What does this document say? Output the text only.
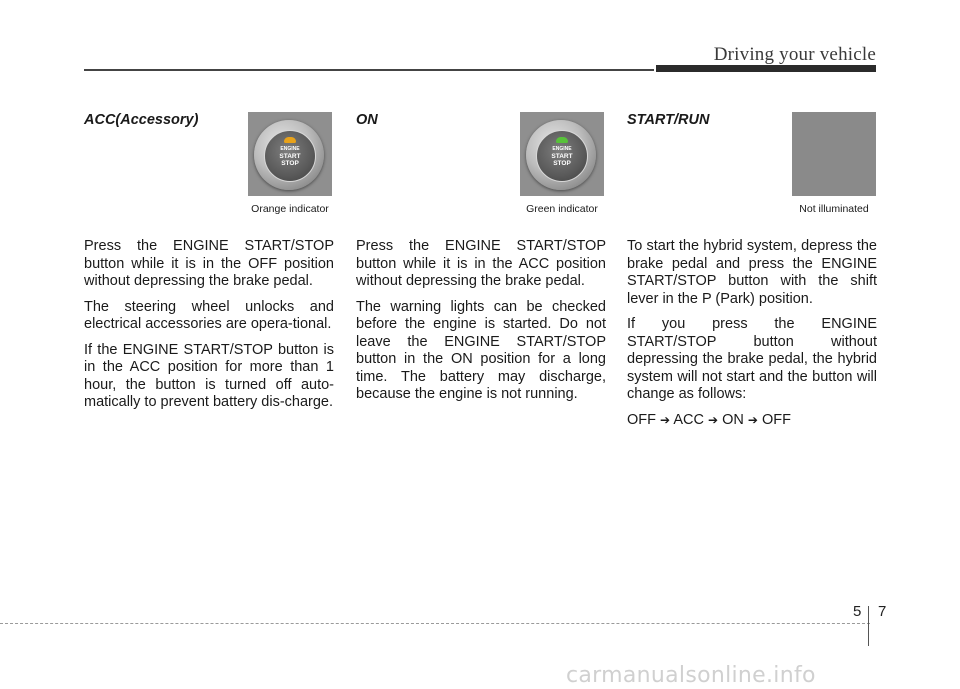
Driving your vehicle
ACC(Accessory)
ENGINE
START
STOP
Orange indicator

Press the ENGINE START/STOP button while it is in the OFF position without depressing the brake pedal.

The steering wheel unlocks and electrical accessories are opera-tional.

If the ENGINE START/STOP button is in the ACC position for more than 1 hour, the button is turned off auto-matically to prevent battery dis-charge.

ON
ENGINE
START
STOP
Green indicator

Press the ENGINE START/STOP button while it is in the ACC position without depressing the brake pedal.

The warning lights can be checked before the engine is started. Do not leave the ENGINE START/STOP button in the ON position for a long time. The battery may discharge, because the engine is not running.

START/RUN
Not illuminated

To start the hybrid system, depress the brake pedal and press the ENGINE START/STOP button with the shift lever in the P (Park) position.

If you press the ENGINE START/STOP button without depressing the brake pedal, the hybrid system will not start and the button will change as follows:

OFF ➔ ACC ➔ ON ➔ OFF

5 7
carmanualsonline.info
